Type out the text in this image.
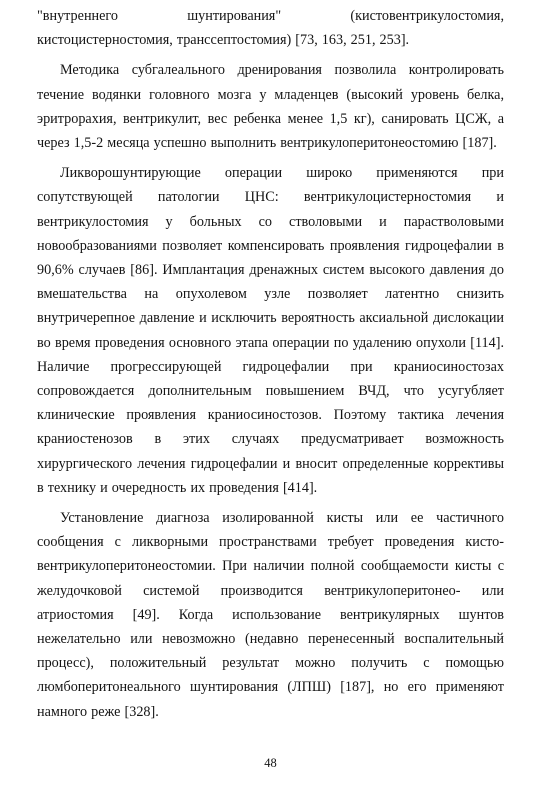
"внутреннего шунтирования" (кистовентрикулостомия, кистоцистерностомия, транссептостомия) [73, 163, 251, 253].

Методика субгалеального дренирования позволила контролировать течение водянки головного мозга у младенцев (высокий уровень белка, эритрорахия, вентрикулит, вес ребенка менее 1,5 кг), санировать ЦСЖ, а через 1,5-2 месяца успешно выполнить вентрикулоперитонеостомию [187].

Ликворошунтирующие операции широко применяются при сопутствующей патологии ЦНС: вентрикулоцистерностомия и вентрикулостомия у больных со стволовыми и парастволовыми новообразованиями позволяет компенсировать проявления гидроцефалии в 90,6% случаев [86]. Имплантация дренажных систем высокого давления до вмешательства на опухолевом узле позволяет латентно снизить внутричерепное давление и исключить вероятность аксиальной дислокации во время проведения основного этапа операции по удалению опухоли [114]. Наличие прогрессирующей гидроцефалии при краниосиностозах сопровождается дополнительным повышением ВЧД, что усугубляет клинические проявления краниосиностозов. Поэтому тактика лечения краниостенозов в этих случаях предусматривает возможность хирургического лечения гидроцефалии и вносит определенные коррективы в технику и очередность их проведения [414].

Установление диагноза изолированной кисты или ее частичного сообщения с ликворными пространствами требует проведения кисто-вентрикулоперитонеостомии. При наличии полной сообщаемости кисты с желудочковой системой производится вентрикулоперитонео- или атриостомия [49]. Когда использование вентрикулярных шунтов нежелательно или невозможно (недавно перенесенный воспалительный процесс), положительный результат можно получить с помощью люмбоперитонеального шунтирования (ЛПШ) [187], но его применяют намного реже [328].

48
